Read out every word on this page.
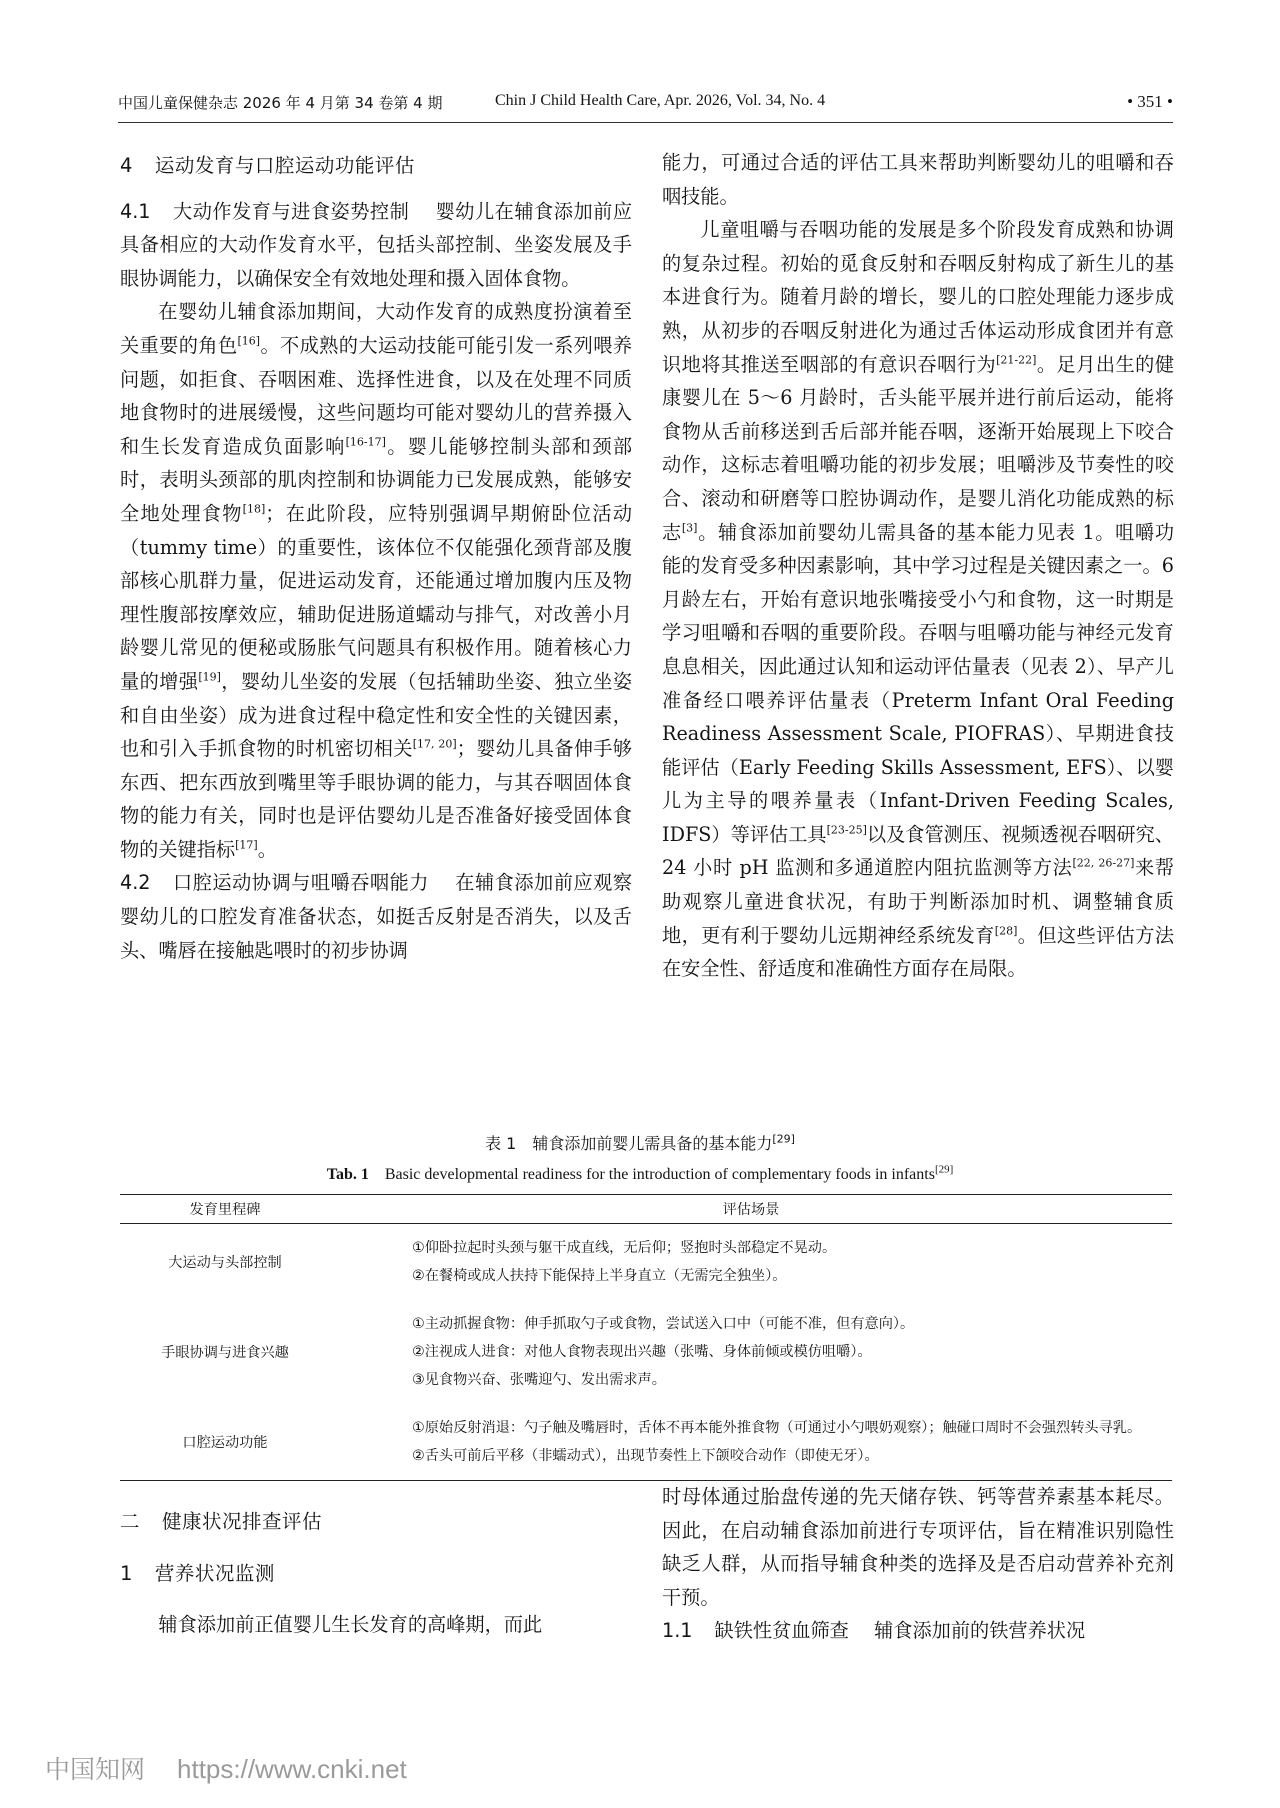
中国儿童保健杂志 2026 年 4 月第 34 卷第 4 期	Chin J Child Health Care, Apr. 2026, Vol. 34, No. 4	• 351 •

4 运动发育与口腔运动功能评估

4.1 大动作发育与进食姿势控制　 婴幼儿在辅食添加前应具备相应的大动作发育水平，包括头部控制、坐姿发展及手眼协调能力，以确保安全有效地处理和摄入固体食物。

在婴幼儿辅食添加期间，大动作发育的成熟度扮演着至关重要的角色[16]。不成熟的大运动技能可能引发一系列喂养问题，如拒食、吞咽困难、选择性进食，以及在处理不同质地食物时的进展缓慢，这些问题均可能对婴幼儿的营养摄入和生长发育造成负面影响[16-17]。婴儿能够控制头部和颈部时，表明头颈部的肌肉控制和协调能力已发展成熟，能够安全地处理食物[18]；在此阶段，应特别强调早期俯卧位活动（tummy time）的重要性，该体位不仅能强化颈背部及腹部核心肌群力量，促进运动发育，还能通过增加腹内压及物理性腹部按摩效应，辅助促进肠道蠕动与排气，对改善小月龄婴儿常见的便秘或肠胀气问题具有积极作用。随着核心力量的增强[19]，婴幼儿坐姿的发展（包括辅助坐姿、独立坐姿和自由坐姿）成为进食过程中稳定性和安全性的关键因素，也和引入手抓食物的时机密切相关[17, 20]；婴幼儿具备伸手够东西、把东西放到嘴里等手眼协调的能力，与其吞咽固体食物的能力有关，同时也是评估婴幼儿是否准备好接受固体食物的关键指标[17]。

4.2 口腔运动协调与咀嚼吞咽能力　 在辅食添加前应观察婴幼儿的口腔发育准备状态，如挺舌反射是否消失，以及舌头、嘴唇在接触匙喂时的初步协调

能力，可通过合适的评估工具来帮助判断婴幼儿的咀嚼和吞咽技能。

儿童咀嚼与吞咽功能的发展是多个阶段发育成熟和协调的复杂过程。初始的觅食反射和吞咽反射构成了新生儿的基本进食行为。随着月龄的增长，婴儿的口腔处理能力逐步成熟，从初步的吞咽反射进化为通过舌体运动形成食团并有意识地将其推送至咽部的有意识吞咽行为[21-22]。足月出生的健康婴儿在 5～6 月龄时，舌头能平展并进行前后运动，能将食物从舌前移送到舌后部并能吞咽，逐渐开始展现上下咬合动作，这标志着咀嚼功能的初步发展；咀嚼涉及节奏性的咬合、滚动和研磨等口腔协调动作，是婴儿消化功能成熟的标志[3]。辅食添加前婴幼儿需具备的基本能力见表 1。咀嚼功能的发育受多种因素影响，其中学习过程是关键因素之一。6 月龄左右，开始有意识地张嘴接受小勺和食物，这一时期是学习咀嚼和吞咽的重要阶段。吞咽与咀嚼功能与神经元发育息息相关，因此通过认知和运动评估量表（见表 2）、早产儿准备经口喂养评估量表（Preterm Infant Oral Feeding Readiness Assessment Scale, PIOFRAS）、早期进食技能评估（Early Feeding Skills Assessment, EFS）、以婴儿为主导的喂养量表（Infant-Driven Feeding Scales, IDFS）等评估工具[23-25]以及食管测压、视频透视吞咽研究、24 小时 pH 监测和多通道腔内阻抗监测等方法[22, 26-27]来帮助观察儿童进食状况，有助于判断添加时机、调整辅食质地，更有利于婴幼儿远期神经系统发育[28]。但这些评估方法在安全性、舒适度和准确性方面存在局限。

表 1　辅食添加前婴儿需具备的基本能力[29]
Tab. 1　 Basic developmental readiness for the introduction of complementary foods in infants[29]
发育里程碑	评估场景
大运动与头部控制	①仰卧拉起时头颈与躯干成直线，无后仰；竖抱时头部稳定不晃动。
②在餐椅或成人扶持下能保持上半身直立（无需完全独坐）。

手眼协调与进食兴趣	①主动抓握食物：伸手抓取勺子或食物，尝试送入口中（可能不准，但有意向）。
②注视成人进食：对他人食物表现出兴趣（张嘴、身体前倾或模仿咀嚼）。
③见食物兴奋、张嘴迎勺、发出需求声。

口腔运动功能	①原始反射消退：勺子触及嘴唇时，舌体不再本能外推食物（可通过小勺喂奶观察）；触碰口周时不会强烈转头寻乳。
②舌头可前后平移（非蠕动式），出现节奏性上下颌咬合动作（即使无牙）。

二 健康状况排查评估

1 营养状况监测

辅食添加前正值婴儿生长发育的高峰期，而此

时母体通过胎盘传递的先天储存铁、钙等营养素基本耗尽。因此，在启动辅食添加前进行专项评估，旨在精准识别隐性缺乏人群，从而指导辅食种类的选择及是否启动营养补充剂干预。

1.1 缺铁性贫血筛查　 辅食添加前的铁营养状况

中国知网 https://www.cnki.net
